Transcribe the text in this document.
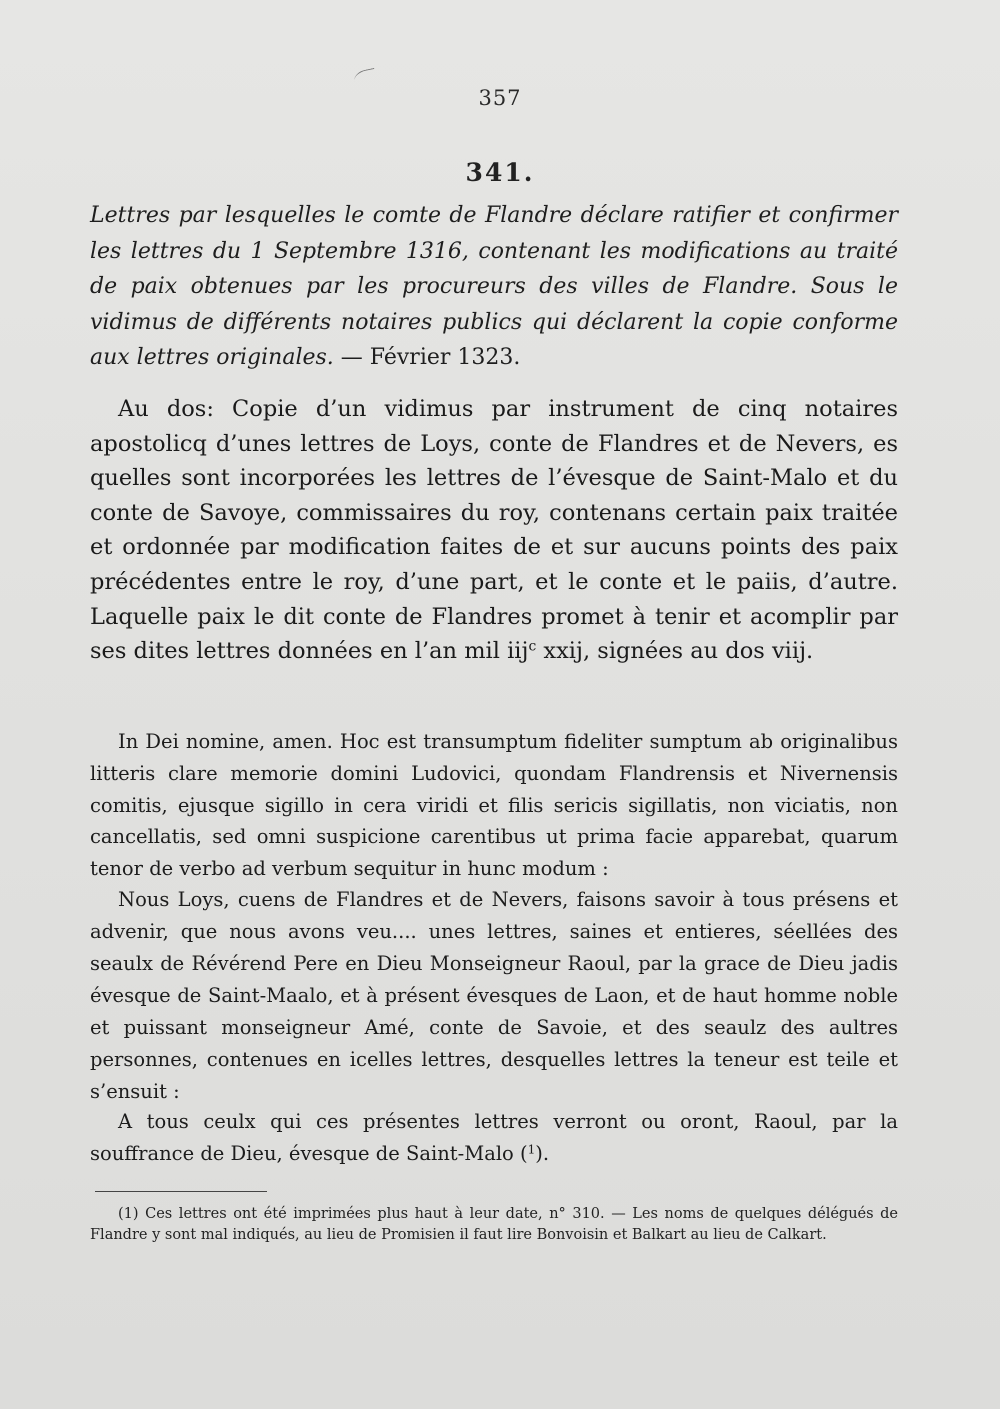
357
341.

Lettres par lesquelles le comte de Flandre déclare ratifier et confirmer les lettres du 1 Septembre 1316, contenant les modifications au traité de paix obtenues par les procureurs des villes de Flandre. Sous le vidimus de différents notaires publics qui déclarent la copie conforme aux lettres originales. — Février 1323.

Au dos: Copie d’un vidimus par instrument de cinq notaires apostolicq d’unes lettres de Loys, conte de Flandres et de Nevers, es quelles sont incorporées les lettres de l’évesque de Saint-Malo et du conte de Savoye, commissaires du roy, contenans certain paix traitée et ordonnée par modification faites de et sur aucuns points des paix précédentes entre le roy, d’une part, et le conte et le paiis, d’autre. Laquelle paix le dit conte de Flandres promet à tenir et acomplir par ses dites lettres données en l’an mil iij$^c$ xxij, signées au dos viij.

In Dei nomine, amen. Hoc est transumptum fideliter sumptum ab originalibus litteris clare memorie domini Ludovici, quondam Flandrensis et Nivernensis comitis, ejusque sigillo in cera viridi et filis sericis sigillatis, non viciatis, non cancellatis, sed omni suspicione carentibus ut prima facie apparebat, quarum tenor de verbo ad verbum sequitur in hunc modum :

Nous Loys, cuens de Flandres et de Nevers, faisons savoir à tous présens et advenir, que nous avons veu.... unes lettres, saines et entieres, séellées des seaulx de Révérend Pere en Dieu Monseigneur Raoul, par la grace de Dieu jadis évesque de Saint-Maalo, et à présent évesques de Laon, et de haut homme noble et puissant monseigneur Amé, conte de Savoie, et des seaulz des aultres personnes, contenues en icelles lettres, desquelles lettres la teneur est teile et s’ensuit :

A tous ceulx qui ces présentes lettres verront ou oront, Raoul, par la souffrance de Dieu, évesque de Saint-Malo ($^1$).

(1) Ces lettres ont été imprimées plus haut à leur date, n° 310. — Les noms de quelques délégués de Flandre y sont mal indiqués, au lieu de Promisien il faut lire Bonvoisin et Balkart au lieu de Calkart.
